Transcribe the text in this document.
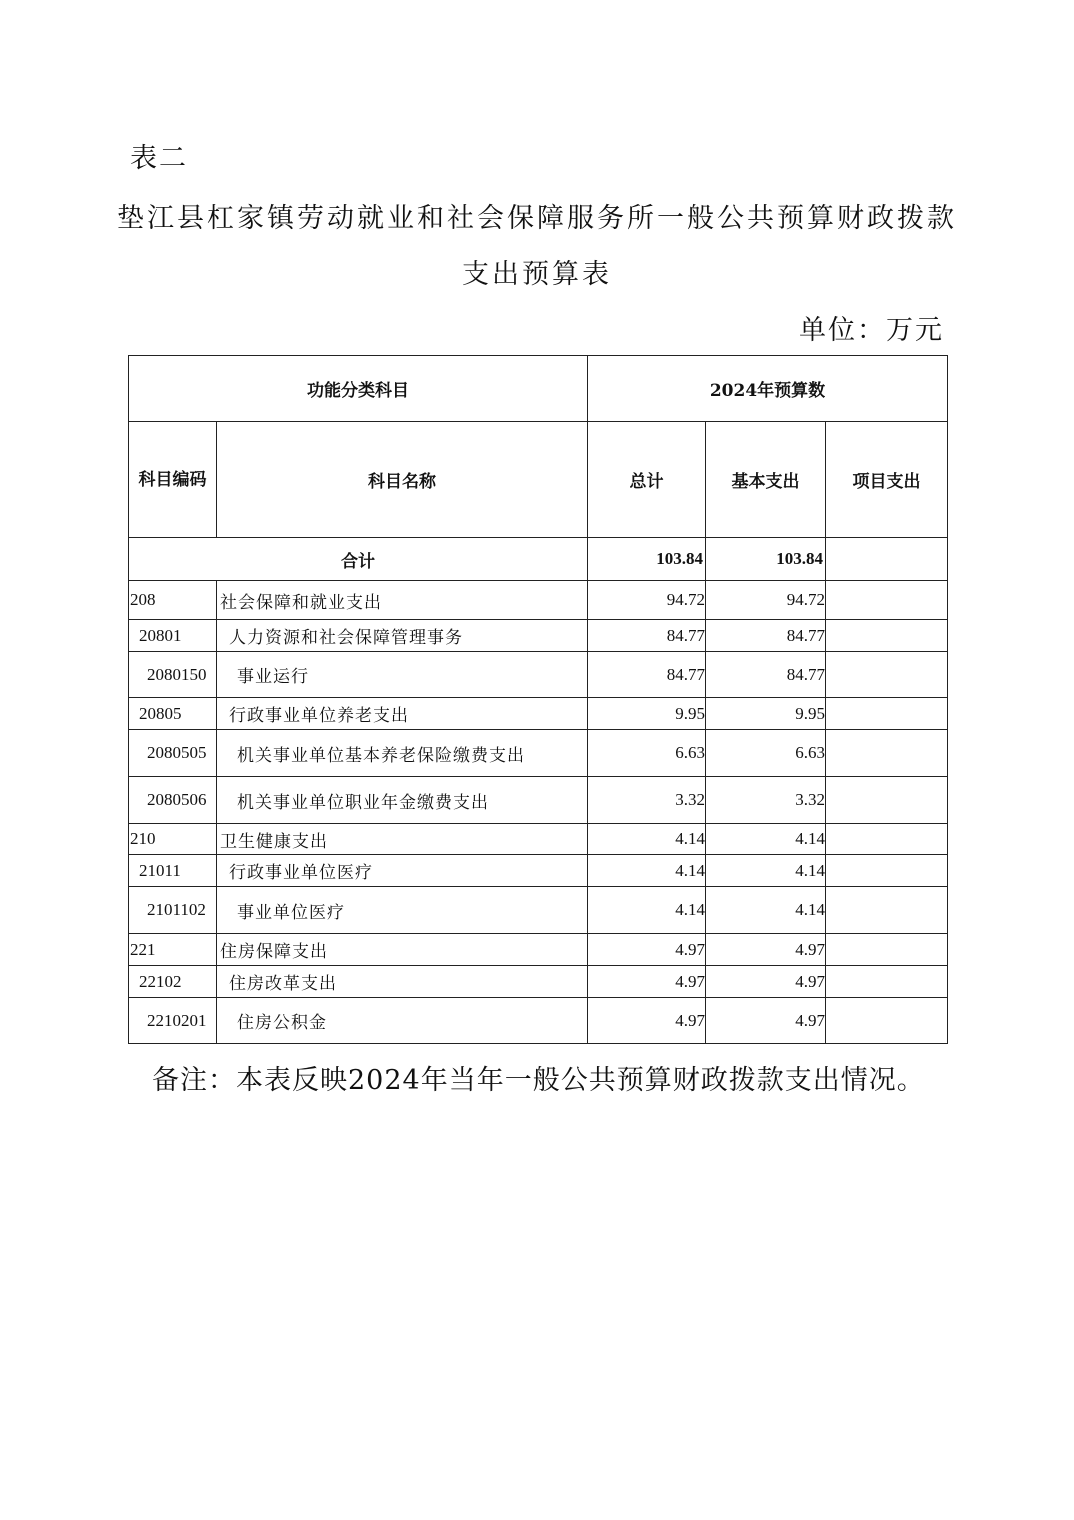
表二
垫江县杠家镇劳动就业和社会保障服务所一般公共预算财政拨款
支出预算表
单位：万元
功能分类科目		2024年预算数		
科目编码	科目名称	总计	基本支出	项目支出
合计		103.84	103.84	
208	社会保障和就业支出	94.72	94.72	
20801	人力资源和社会保障管理事务	84.77	84.77	
2080150	事业运行	84.77	84.77	
20805	行政事业单位养老支出	9.95	9.95	
2080505	机关事业单位基本养老保险缴费支出	6.63	6.63	
2080506	机关事业单位职业年金缴费支出	3.32	3.32	
210	卫生健康支出	4.14	4.14	
21011	行政事业单位医疗	4.14	4.14	
2101102	事业单位医疗	4.14	4.14	
221	住房保障支出	4.97	4.97	
22102	住房改革支出	4.97	4.97	
2210201	住房公积金	4.97	4.97	
备注：本表反映2024年当年一般公共预算财政拨款支出情况。
